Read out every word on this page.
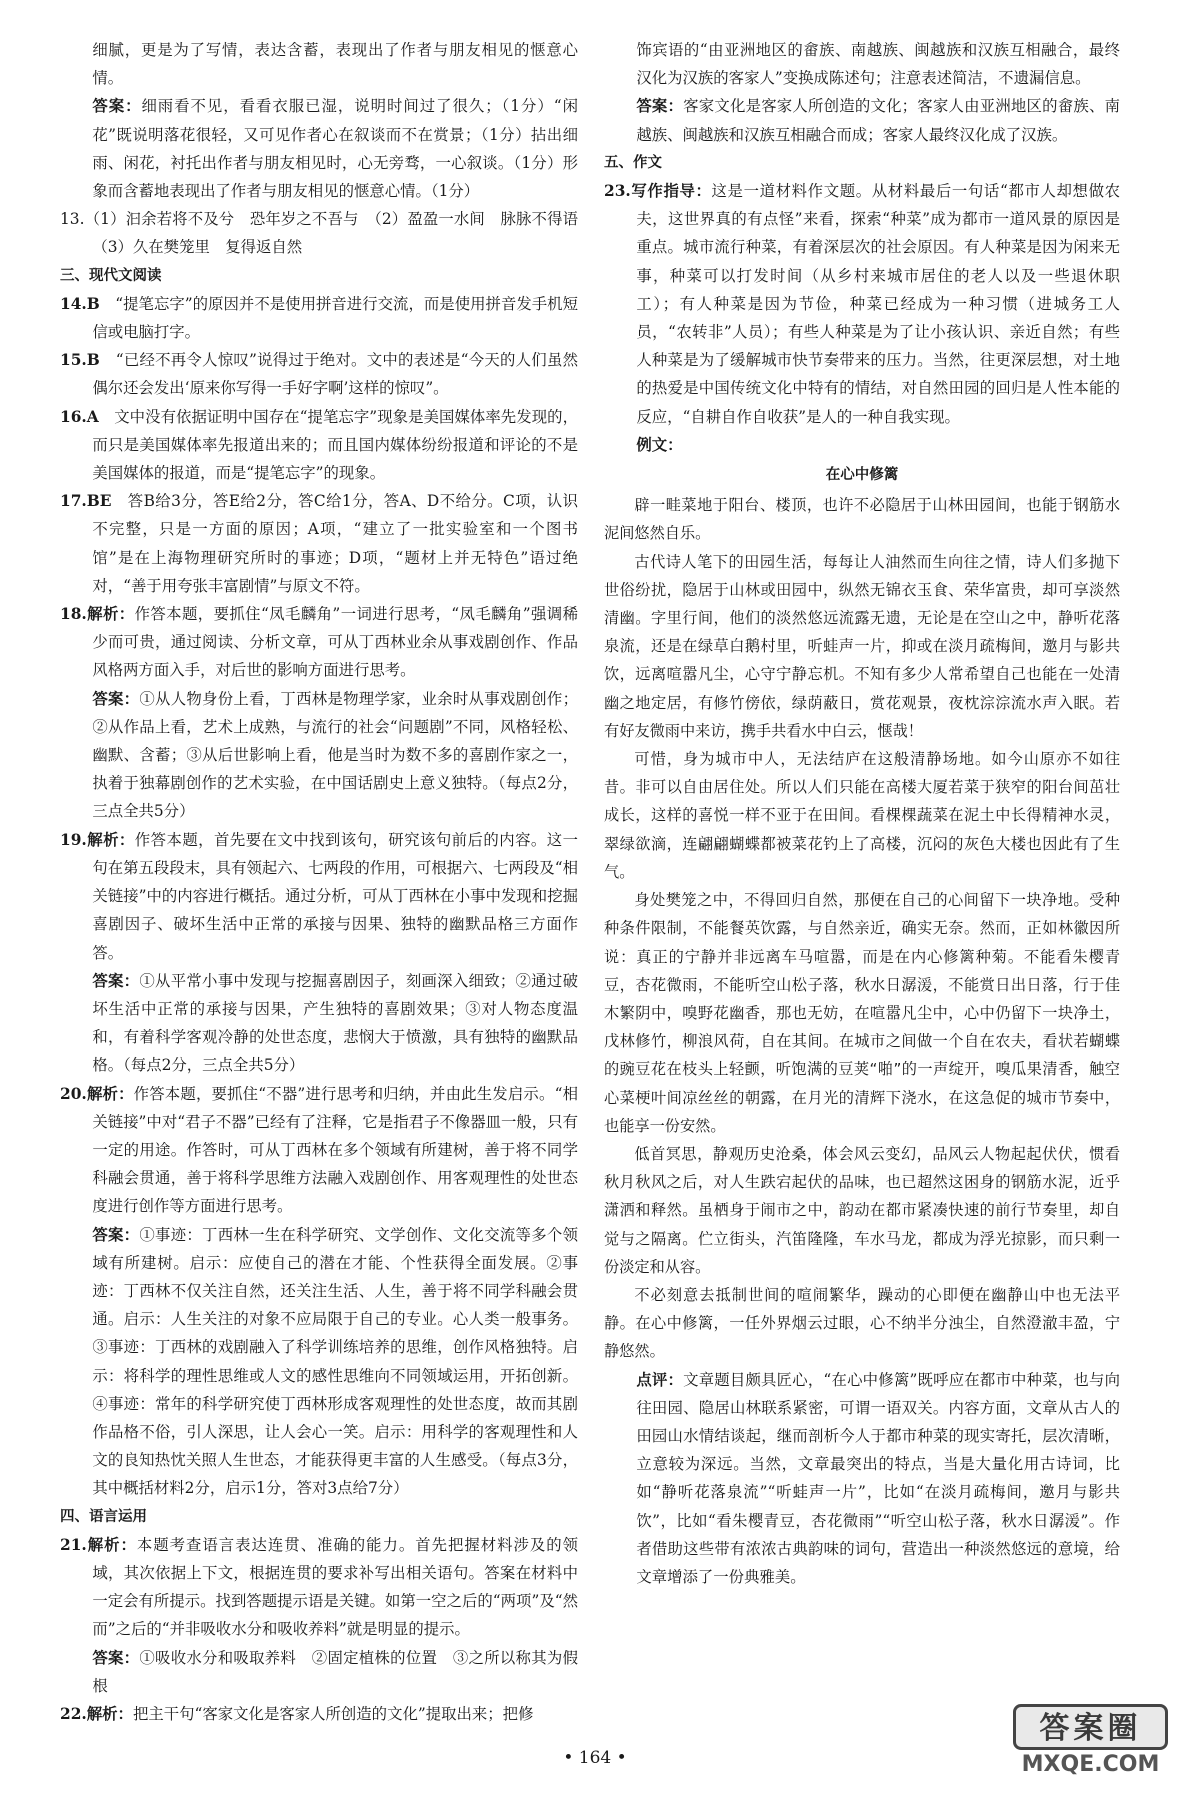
细腻，更是为了写情，表达含蓄，表现出了作者与朋友相见的惬意心情。

答案：细雨看不见，看看衣服已湿，说明时间过了很久；（1分）“闲花”既说明落花很轻，又可见作者心在叙谈而不在赏景；（1分）拈出细雨、闲花，衬托出作者与朋友相见时，心无旁骛，一心叙谈。（1分）形象而含蓄地表现出了作者与朋友相见的惬意心情。（1分）

13.（1）汩余若将不及兮　恐年岁之不吾与　（2）盈盈一水间　脉脉不得语　（3）久在樊笼里　复得返自然

三、现代文阅读

14.B　“提笔忘字”的原因并不是使用拼音进行交流，而是使用拼音发手机短信或电脑打字。

15.B　“已经不再令人惊叹”说得过于绝对。文中的表述是“今天的人们虽然偶尔还会发出‘原来你写得一手好字啊’这样的惊叹”。

16.A　文中没有依据证明中国存在“提笔忘字”现象是美国媒体率先发现的，而只是美国媒体率先报道出来的；而且国内媒体纷纷报道和评论的不是美国媒体的报道，而是“提笔忘字”的现象。

17.BE　答B给3分，答E给2分，答C给1分，答A、D不给分。C项，认识不完整，只是一方面的原因；A项，“建立了一批实验室和一个图书馆”是在上海物理研究所时的事迹；D项，“题材上并无特色”语过绝对，“善于用夸张丰富剧情”与原文不符。

18.解析：作答本题，要抓住“凤毛麟角”一词进行思考，“凤毛麟角”强调稀少而可贵，通过阅读、分析文章，可从丁西林业余从事戏剧创作、作品风格两方面入手，对后世的影响方面进行思考。

答案：①从人物身份上看，丁西林是物理学家，业余时从事戏剧创作；②从作品上看，艺术上成熟，与流行的社会“问题剧”不同，风格轻松、幽默、含蓄；③从后世影响上看，他是当时为数不多的喜剧作家之一，执着于独幕剧创作的艺术实验，在中国话剧史上意义独特。（每点2分，三点全共5分）

19.解析：作答本题，首先要在文中找到该句，研究该句前后的内容。这一句在第五段段末，具有领起六、七两段的作用，可根据六、七两段及“相关链接”中的内容进行概括。通过分析，可从丁西林在小事中发现和挖掘喜剧因子、破坏生活中正常的承接与因果、独特的幽默品格三方面作答。

答案：①从平常小事中发现与挖掘喜剧因子，刻画深入细致；②通过破坏生活中正常的承接与因果，产生独特的喜剧效果；③对人物态度温和，有着科学客观冷静的处世态度，悲悯大于愤激，具有独特的幽默品格。（每点2分，三点全共5分）

20.解析：作答本题，要抓住“不器”进行思考和归纳，并由此生发启示。“相关链接”中对“君子不器”已经有了注释，它是指君子不像器皿一般，只有一定的用途。作答时，可从丁西林在多个领域有所建树，善于将不同学科融会贯通，善于将科学思维方法融入戏剧创作、用客观理性的处世态度进行创作等方面进行思考。

答案：①事迹：丁西林一生在科学研究、文学创作、文化交流等多个领域有所建树。启示：应使自己的潜在才能、个性获得全面发展。②事迹：丁西林不仅关注自然，还关注生活、人生，善于将不同学科融会贯通。启示：人生关注的对象不应局限于自己的专业。心人类一般事务。③事迹：丁西林的戏剧融入了科学训练培养的思维，创作风格独特。启示：将科学的理性思维或人文的感性思维向不同领域运用，开拓创新。④事迹：常年的科学研究使丁西林形成客观理性的处世态度，故而其剧作品格不俗，引人深思，让人会心一笑。启示：用科学的客观理性和人文的良知热忱关照人生世态，才能获得更丰富的人生感受。（每点3分，其中概括材料2分，启示1分，答对3点给7分）

四、语言运用

21.解析：本题考查语言表达连贯、准确的能力。首先把握材料涉及的领域，其次依据上下文，根据连贯的要求补写出相关语句。答案在材料中一定会有所提示。找到答题提示语是关键。如第一空之后的“两项”及“然而”之后的“并非吸收水分和吸收养料”就是明显的提示。

答案：①吸收水分和吸取养料　②固定植株的位置　③之所以称其为假根

22.解析：把主干句“客家文化是客家人所创造的文化”提取出来；把修

饰宾语的“由亚洲地区的畲族、南越族、闽越族和汉族互相融合，最终汉化为汉族的客家人”变换成陈述句；注意表述简洁，不遗漏信息。

答案：客家文化是客家人所创造的文化；客家人由亚洲地区的畲族、南越族、闽越族和汉族互相融合而成；客家人最终汉化成了汉族。

五、作文

23.写作指导：这是一道材料作文题。从材料最后一句话“都市人却想做农夫，这世界真的有点怪”来看，探索“种菜”成为都市一道风景的原因是重点。城市流行种菜，有着深层次的社会原因。有人种菜是因为闲来无事，种菜可以打发时间（从乡村来城市居住的老人以及一些退休职工）；有人种菜是因为节俭，种菜已经成为一种习惯（进城务工人员，“农转非”人员）；有些人种菜是为了让小孩认识、亲近自然；有些人种菜是为了缓解城市快节奏带来的压力。当然，往更深层想，对土地的热爱是中国传统文化中特有的情结，对自然田园的回归是人性本能的反应，“自耕自作自收获”是人的一种自我实现。

例文：

在心中修篱

辟一畦菜地于阳台、楼顶，也许不必隐居于山林田园间，也能于钢筋水泥间悠然自乐。

古代诗人笔下的田园生活，每每让人油然而生向往之情，诗人们多抛下世俗纷扰，隐居于山林或田园中，纵然无锦衣玉食、荣华富贵，却可享淡然清幽。字里行间，他们的淡然悠远流露无遗，无论是在空山之中，静听花落泉流，还是在绿草白鹅村里，听蛙声一片，抑或在淡月疏梅间，邀月与影共饮，远离喧嚣凡尘，心守宁静忘机。不知有多少人常希望自己也能在一处清幽之地定居，有修竹傍依，绿荫蔽日，赏花观景，夜枕淙淙流水声入眠。若有好友微雨中来访，携手共看水中白云，惬哉！

可惜，身为城市中人，无法结庐在这般清静场地。如今山原亦不如往昔。非可以自由居住处。所以人们只能在高楼大厦若菜于狭窄的阳台间茁壮成长，这样的喜悦一样不亚于在田间。看棵棵蔬菜在泥土中长得精神水灵，翠绿欲滴，连翩翩蝴蝶都被菜花钓上了高楼，沉闷的灰色大楼也因此有了生气。

身处樊笼之中，不得回归自然，那便在自己的心间留下一块净地。受种种条件限制，不能餐英饮露，与自然亲近，确实无奈。然而，正如林徽因所说：真正的宁静并非远离车马喧嚣，而是在内心修篱种菊。不能看朱樱青豆，杏花微雨，不能听空山松子落，秋水日潺湲，不能赏日出日落，行于佳木繁阴中，嗅野花幽香，那也无妨，在喧嚣凡尘中，心中仍留下一块净土，戊林修竹，柳浪风荷，自在其间。在城市之间做一个自在农夫，看状若蝴蝶的豌豆花在枝头上轻颤，听饱满的豆荚“啪”的一声绽开，嗅瓜果清香，触空心菜梗叶间凉丝丝的朝露，在月光的清辉下浇水，在这急促的城市节奏中，也能享一份安然。

低首冥思，静观历史沧桑，体会风云变幻，品风云人物起起伏伏，惯看秋月秋风之后，对人生跌宕起伏的品味，也已超然这困身的钢筋水泥，近乎潇洒和释然。虽栖身于闹市之中，韵动在都市紧凑快速的前行节奏里，却自觉与之隔离。伫立街头，汽笛隆隆，车水马龙，都成为浮光掠影，而只剩一份淡定和从容。

不必刻意去抵制世间的喧闹繁华，躁动的心即便在幽静山中也无法平静。在心中修篱，一任外界烟云过眼，心不纳半分浊尘，自然澄澈丰盈，宁静悠然。

点评：文章题目颇具匠心，“在心中修篱”既呼应在都市中种菜，也与向往田园、隐居山林联系紧密，可谓一语双关。内容方面，文章从古人的田园山水情结谈起，继而剖析今人于都市种菜的现实寄托，层次清晰，立意较为深远。当然，文章最突出的特点，当是大量化用古诗词，比如“静听花落泉流”“听蛙声一片”，比如“在淡月疏梅间，邀月与影共饮”，比如“看朱樱青豆，杏花微雨”“听空山松子落，秋水日潺湲”。作者借助这些带有浓浓古典韵味的词句，营造出一种淡然悠远的意境，给文章增添了一份典雅美。

• 164 •
答案圈
MXQE.COM
